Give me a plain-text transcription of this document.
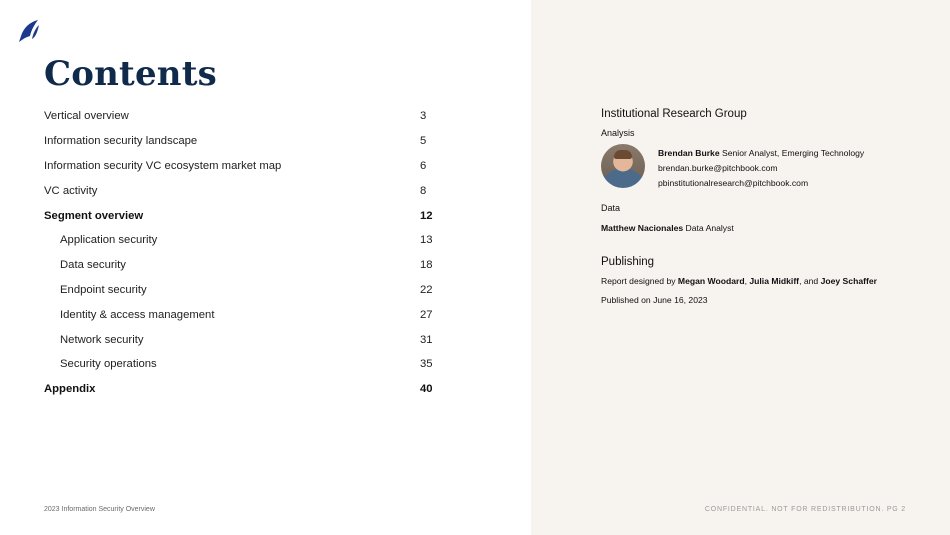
Contents
Vertical overview	3
Information security landscape	5
Information security VC ecosystem market map	6
VC activity	8
Segment overview	12
Application security	13
Data security	18
Endpoint security	22
Identity & access management	27
Network security	31
Security operations	35
Appendix	40

Institutional Research Group

Analysis

Brendan Burke Senior Analyst, Emerging Technology
brendan.burke@pitchbook.com
pbinstitutionalresearch@pitchbook.com

Data

Matthew Nacionales Data Analyst

Publishing

Report designed by Megan Woodard, Julia Midkiff, and Joey Schaffer

Published on June 16, 2023

2023 Information Security Overview	CONFIDENTIAL. NOT FOR REDISTRIBUTION. PG 2
